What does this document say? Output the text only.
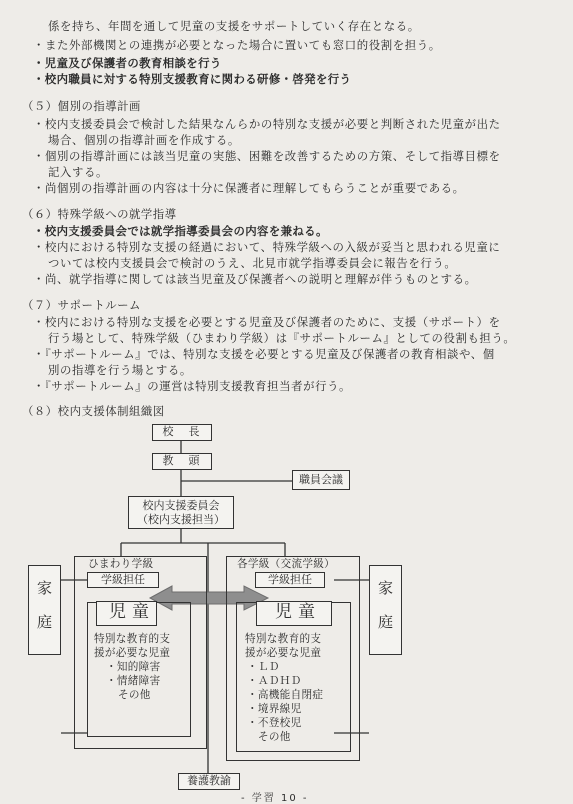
係を持ち、年間を通して児童の支援をサポートしていく存在となる。
・また外部機関との連携が必要となった場合に置いても窓口的役割を担う。
・児童及び保護者の教育相談を行う
・校内職員に対する特別支援教育に関わる研修・啓発を行う
（５）個別の指導計画
・校内支援委員会で検討した結果なんらかの特別な支援が必要と判断された児童が出た
場合、個別の指導計画を作成する。
・個別の指導計画には該当児童の実態、困難を改善するための方策、そして指導目標を
記入する。
・尚個別の指導計画の内容は十分に保護者に理解してもらうことが重要である。
（６）特殊学級への就学指導
・校内支援委員会では就学指導委員会の内容を兼ねる。
・校内における特別な支援の経過において、特殊学級への入級が妥当と思われる児童に
ついては校内支援員会で検討のうえ、北見市就学指導委員会に報告を行う。
・尚、就学指導に関しては該当児童及び保護者への説明と理解が伴うものとする。
（７）サポートルーム
・校内における特別な支援を必要とする児童及び保護者のために、支援（サポート）を
行う場として、特殊学級（ひまわり学級）は『サポートルーム』としての役割も担う。
・『サポートルーム』では、特別な支援を必要とする児童及び保護者の教育相談や、個
別の指導を行う場とする。
・『サポートルーム』の運営は特別支援教育担当者が行う。
（８）校内支援体制組織図
校　長
教　頭
職員会議
校内支援委員会
（校内支援担当）
ひまわり学級
学級担任
児童
特別な教育的支
援が必要な児童
・知的障害
・情緒障害
その他
各学級（交流学級）
学級担任
児童
特別な教育的支
援が必要な児童
・ＬＤ
・ＡＤＨＤ
・高機能自閉症
・境界線児
・不登校児
その他
家

庭
家

庭
養護教諭
- 学習 10 -
